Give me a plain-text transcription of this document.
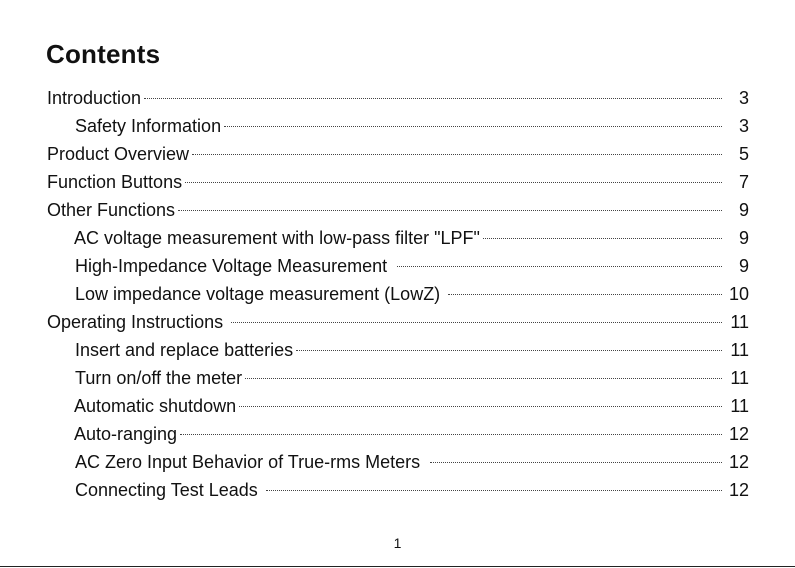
Contents
Introduction	3
Safety Information	3
Product Overview	5
Function Buttons	7
Other Functions	9
AC voltage measurement with low-pass filter "LPF"	9
High-Impedance Voltage Measurement	9
Low impedance voltage measurement (LowZ)	10
Operating Instructions	11
Insert and replace batteries	11
Turn on/off the meter	11
Automatic shutdown	11
Auto-ranging	12
AC Zero Input Behavior of True-rms Meters	12
Connecting Test Leads	12
1
